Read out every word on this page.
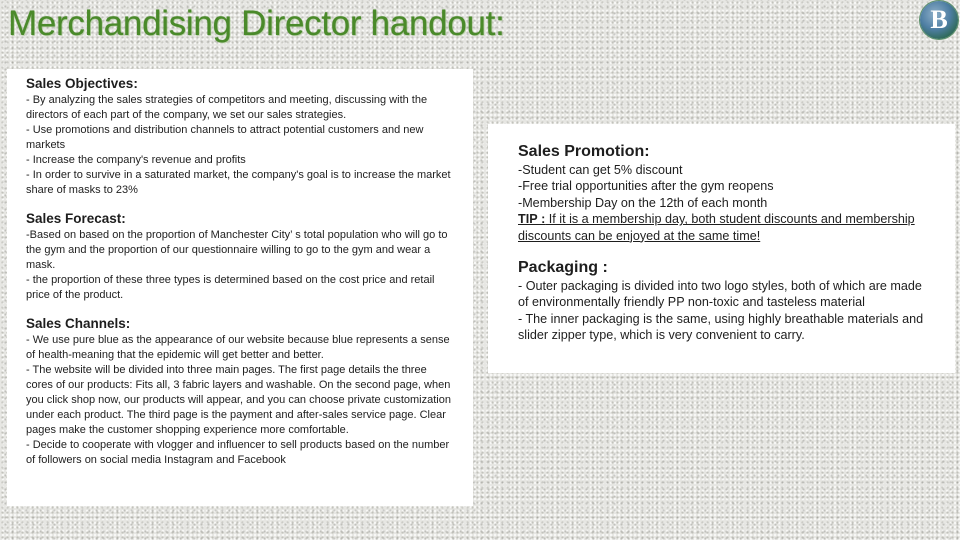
Merchandising Director handout:	B
Sales Objectives:

- By analyzing the sales strategies of competitors and meeting, discussing with the directors of each part of the company, we set our sales strategies.

- Use promotions and distribution channels to attract potential customers and new markets

- Increase the company's revenue and profits

- In order to survive in a saturated market, the company's goal is to increase the market share of masks to 23%

Sales Forecast:

-Based on based on the proportion of Manchester City’ s total population who will go to the gym and the proportion of our questionnaire willing to go to the gym and wear a mask.

- the proportion of these three types is determined based on the cost price and retail price of the product.

Sales Channels:

- We use pure blue as the appearance of our website because blue represents a sense of health-meaning that the epidemic will get better and better.

- The website will be divided into three main pages. The first page details the three cores of our products: Fits all, 3 fabric layers and washable. On the second page, when you click shop now, our products will appear, and you can choose private customization under each product. The third page is the payment and after-sales service page. Clear pages make the customer shopping experience more comfortable.

- Decide to cooperate with vlogger and influencer to sell products based on the number of followers on social media Instagram and Facebook

Sales Promotion:

-Student can get 5% discount

-Free trial opportunities after the gym reopens

-Membership Day on the 12th of each month

TIP : If it is a membership day, both student discounts and membership discounts can be enjoyed at the same time!

Packaging :

- Outer packaging is divided into two logo styles, both of which are made of environmentally friendly PP non-toxic and tasteless material

- The inner packaging is the same, using highly breathable materials and slider zipper type, which is very convenient to carry.
